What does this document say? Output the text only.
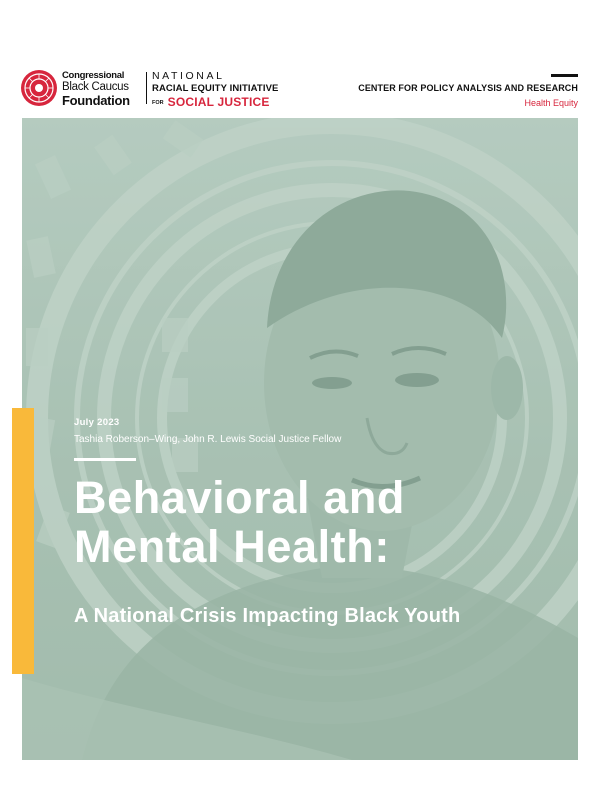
Congressional
Black Caucus
Foundation
NATIONAL
RACIAL EQUITY INITIATIVE
FOR SOCIAL JUSTICE
CENTER FOR POLICY ANALYSIS AND RESEARCH
Health Equity
July 2023
Tashia Roberson–Wing, John R. Lewis Social Justice Fellow
Behavioral and
Mental Health:
A National Crisis Impacting Black Youth
